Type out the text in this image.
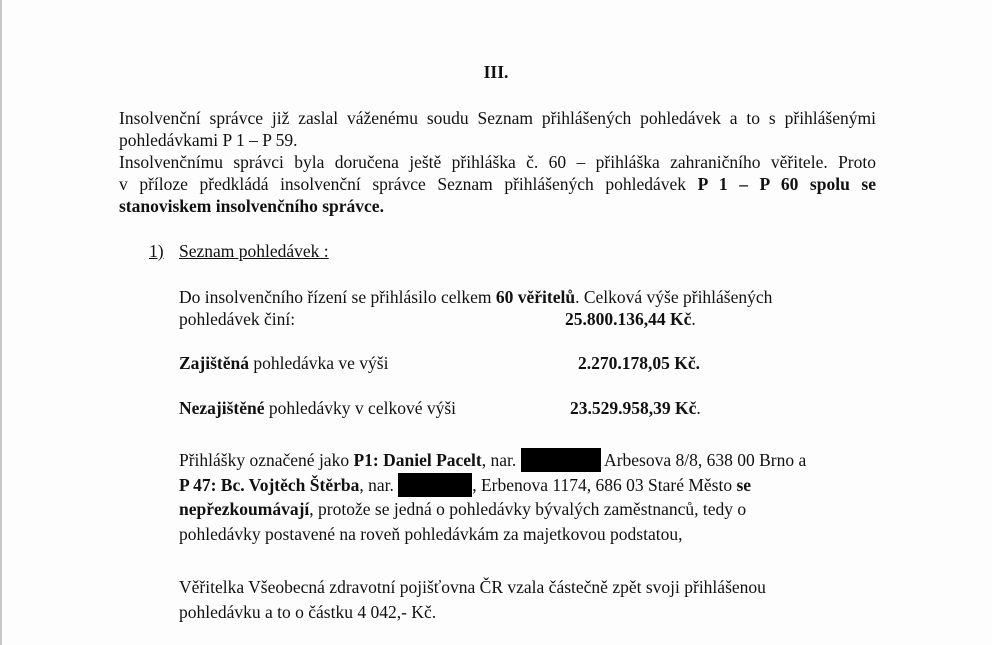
III.
Insolvenční správce již zaslal váženému soudu Seznam přihlášených pohledávek a to s přihlášenými
pohledávkami P 1 – P 59.
Insolvenčnímu správci byla doručena ještě přihláška č. 60 – přihláška zahraničního věřitele. Proto
v příloze předkládá insolvenční správce Seznam přihlášených pohledávek P 1 – P 60 spolu se
stanoviskem insolvenčního správce.
1) Seznam pohledávek :
Do insolvenčního řízení se přihlásilo celkem 60 věřitelů. Celková výše přihlášených
pohledávek činí:	25.800.136,44 Kč.
Zajištěná pohledávka ve výši	2.270.178,05 Kč.
Nezajištěné pohledávky v celkové výši	23.529.958,39 Kč.
Přihlášky označené jako P1: Daniel Pacelt, nar.	Arbesova 8/8, 638 00 Brno a
P 47: Bc. Vojtěch Štěrba, nar.	, Erbenova 1174, 686 03 Staré Město se
nepřezkoumávají, protože se jedná o pohledávky bývalých zaměstnanců, tedy o
pohledávky postavené na roveň pohledávkám za majetkovou podstatou,
Věřitelka Všeobecná zdravotní pojišťovna ČR vzala částečně zpět svoji přihlášenou
pohledávku a to o částku 4 042,- Kč.
